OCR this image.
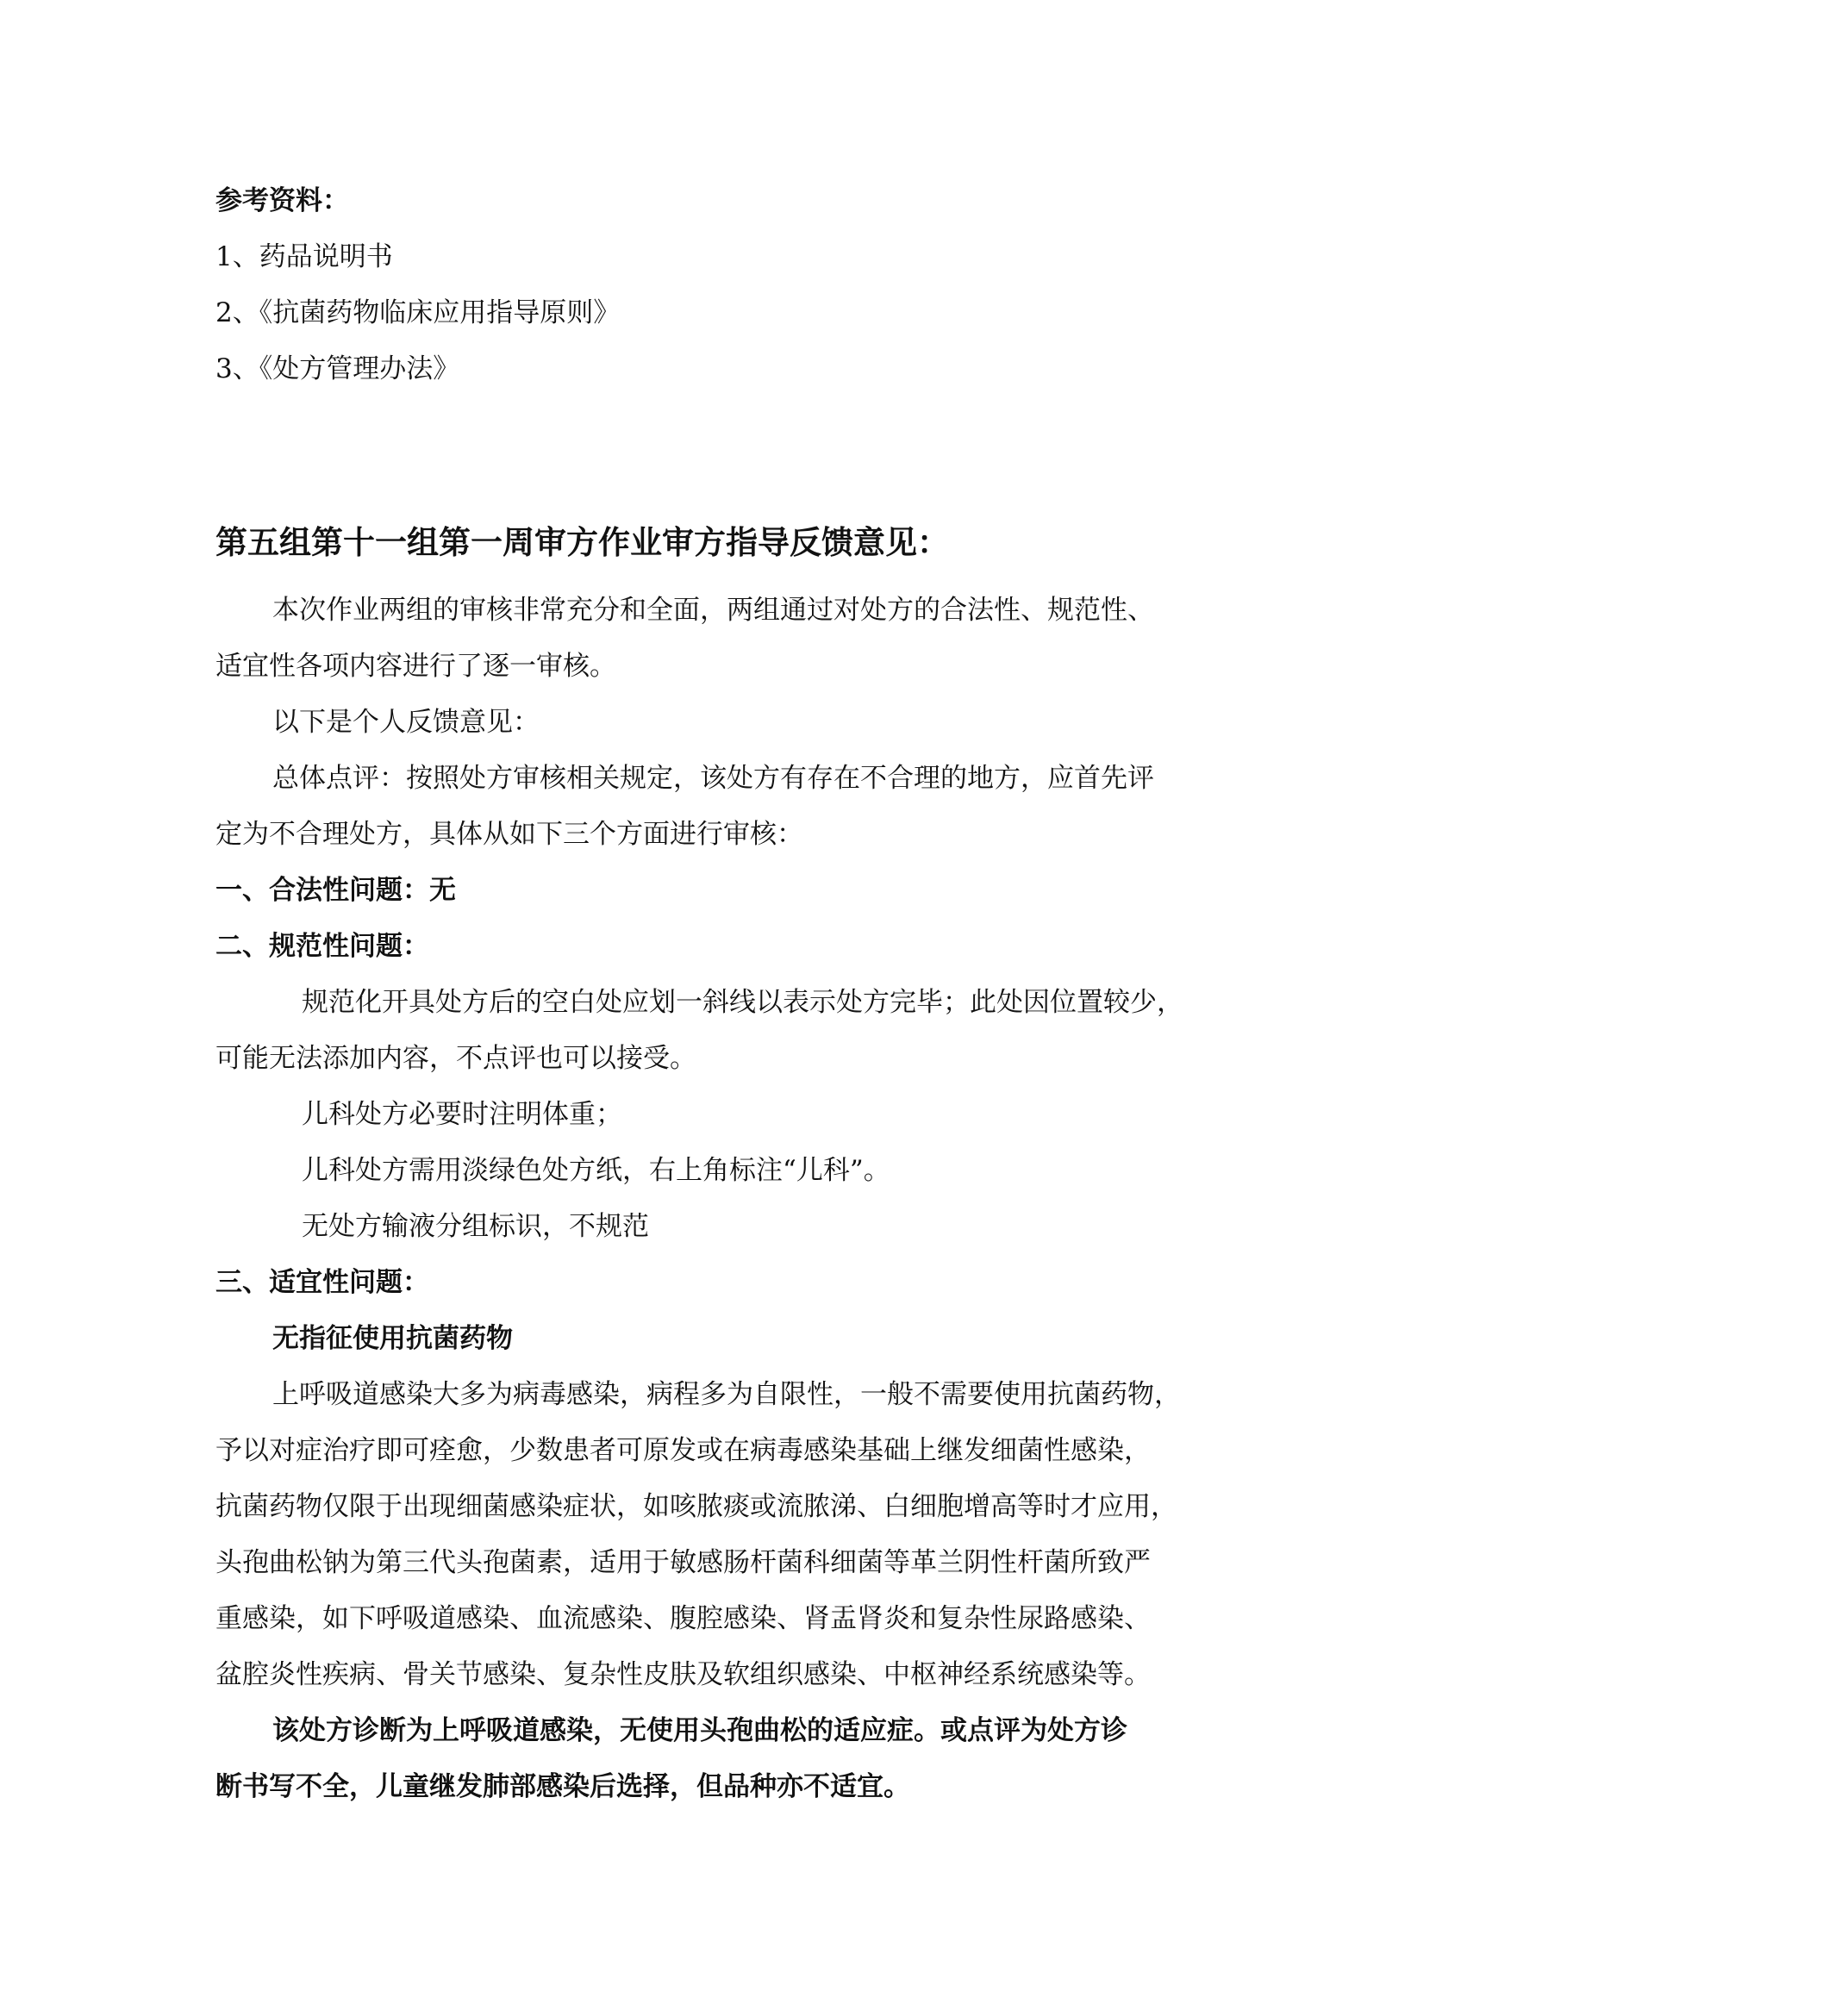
参考资料：

1、药品说明书

2、《抗菌药物临床应用指导原则》

3、《处方管理办法》

第五组第十一组第一周审方作业审方指导反馈意见：

本次作业两组的审核非常充分和全面，两组通过对处方的合法性、规范性、

适宜性各项内容进行了逐一审核。

以下是个人反馈意见：

总体点评：按照处方审核相关规定，该处方有存在不合理的地方，应首先评

定为不合理处方，具体从如下三个方面进行审核：

一、合法性问题：无

二、规范性问题：

规范化开具处方后的空白处应划一斜线以表示处方完毕；此处因位置较少，

可能无法添加内容，不点评也可以接受。

儿科处方必要时注明体重；

儿科处方需用淡绿色处方纸，右上角标注“儿科”。

无处方输液分组标识，不规范

三、适宜性问题：

无指征使用抗菌药物

上呼吸道感染大多为病毒感染，病程多为自限性，一般不需要使用抗菌药物，

予以对症治疗即可痊愈，少数患者可原发或在病毒感染基础上继发细菌性感染，

抗菌药物仅限于出现细菌感染症状，如咳脓痰或流脓涕、白细胞增高等时才应用，

头孢曲松钠为第三代头孢菌素，适用于敏感肠杆菌科细菌等革兰阴性杆菌所致严

重感染，如下呼吸道感染、血流感染、腹腔感染、肾盂肾炎和复杂性尿路感染、

盆腔炎性疾病、骨关节感染、复杂性皮肤及软组织感染、中枢神经系统感染等。

该处方诊断为上呼吸道感染，无使用头孢曲松的适应症。或点评为处方诊

断书写不全，儿童继发肺部感染后选择，但品种亦不适宜。
